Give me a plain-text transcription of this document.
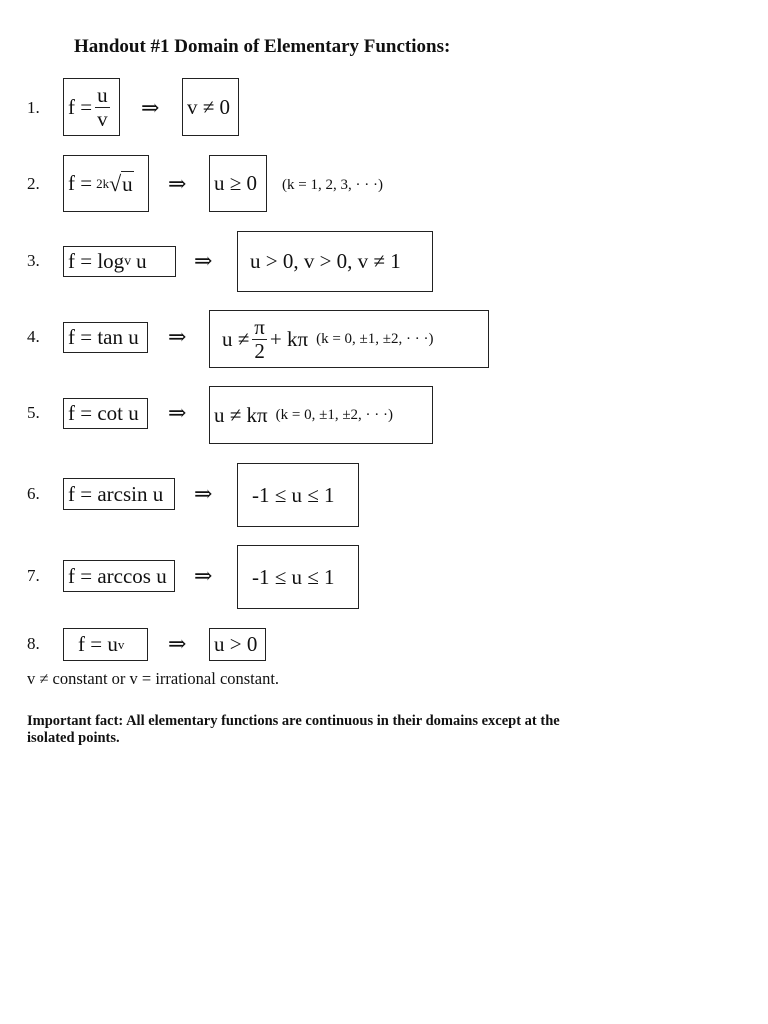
Handout #1 Domain of Elementary Functions:
1. $f = \frac{u}{v}$ ⇒ v ≠ 0
2. f = 2k √ u ⇒ u ≥ 0	(k = 1, 2, 3, · · ·)
3. f = log v u ⇒	u > 0, v > 0, v ≠ 1
4. f = tan u	⇒ $u \ne \frac{\pi}{2} + k\pi$ (k = 0, ±1, ±2, · · ·)
5. f = cot u	⇒ u ≠ kπ (k = 0, ±1, ±2, · · ·)
6. f = arcsin u	⇒	-1 ≤ u ≤ 1
7. f = arccos u	⇒	-1 ≤ u ≤ 1
8. f = u v ⇒ u > 0
v ≠ constant or v = irrational constant.
Important fact: All elementary functions are continuous in their domains except at the isolated points.
